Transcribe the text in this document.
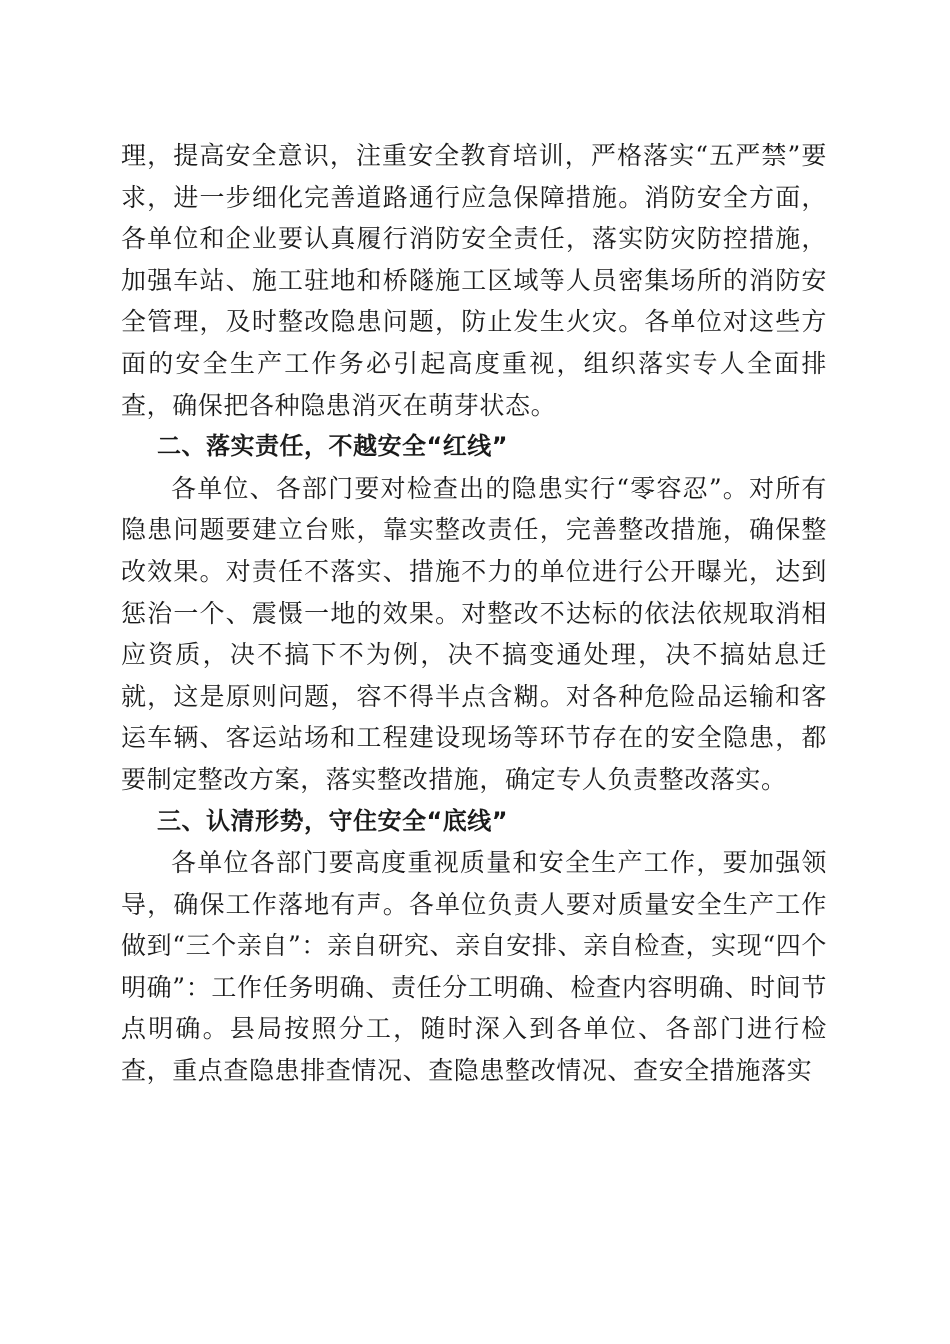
理，提高安全意识，注重安全教育培训，严格落实“五严禁”要求，进一步细化完善道路通行应急保障措施。消防安全方面，各单位和企业要认真履行消防安全责任，落实防灾防控措施，加强车站、施工驻地和桥隧施工区域等人员密集场所的消防安全管理，及时整改隐患问题，防止发生火灾。各单位对这些方面的安全生产工作务必引起高度重视，组织落实专人全面排查，确保把各种隐患消灭在萌芽状态。

二、落实责任，不越安全“红线”

各单位、各部门要对检查出的隐患实行“零容忍”。对所有隐患问题要建立台账，靠实整改责任，完善整改措施，确保整改效果。对责任不落实、措施不力的单位进行公开曝光，达到惩治一个、震慑一地的效果。对整改不达标的依法依规取消相应资质，决不搞下不为例，决不搞变通处理，决不搞姑息迁就，这是原则问题，容不得半点含糊。对各种危险品运输和客运车辆、客运站场和工程建设现场等环节存在的安全隐患，都要制定整改方案，落实整改措施，确定专人负责整改落实。

三、认清形势，守住安全“底线”

各单位各部门要高度重视质量和安全生产工作，要加强领导，确保工作落地有声。各单位负责人要对质量安全生产工作做到“三个亲自”：亲自研究、亲自安排、亲自检查，实现“四个明确”：工作任务明确、责任分工明确、检查内容明确、时间节点明确。县局按照分工，随时深入到各单位、各部门进行检查，重点查隐患排查情况、查隐患整改情况、查安全措施落实
